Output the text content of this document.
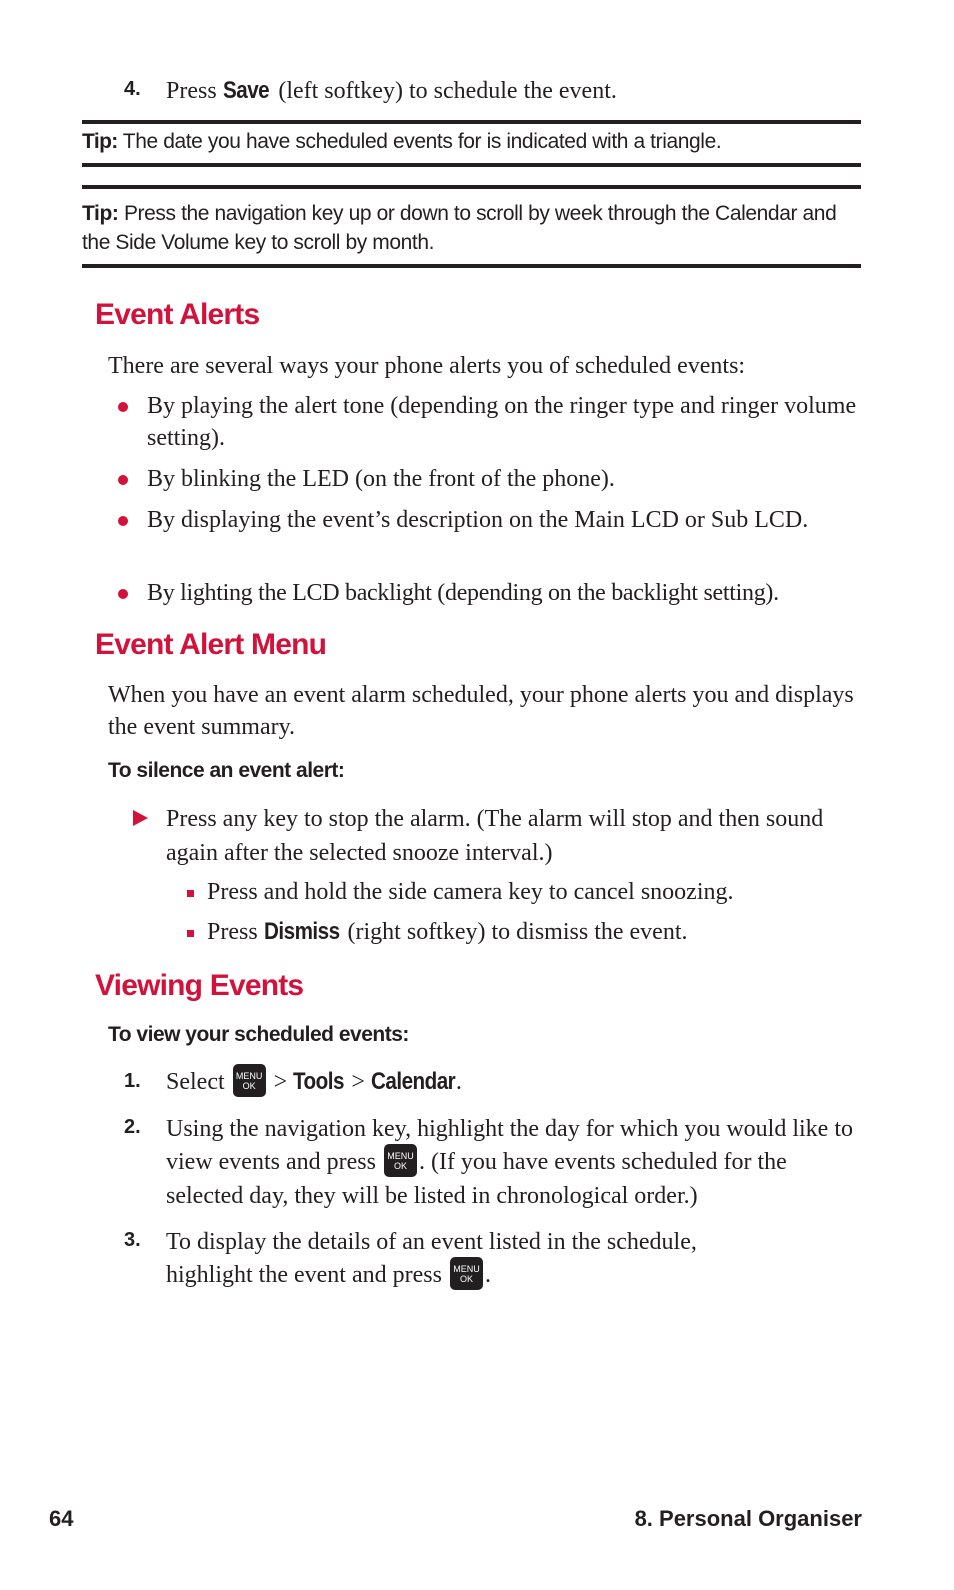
4. Press Save (left softkey) to schedule the event.
Tip: The date you have scheduled events for is indicated with a triangle.
Tip: Press the navigation key up or down to scroll by week through the Calendar and the Side Volume key to scroll by month.
Event Alerts
There are several ways your phone alerts you of scheduled events:
By playing the alert tone (depending on the ringer type and ringer volume setting).
By blinking the LED (on the front of the phone).
By displaying the event’s description on the Main LCD or Sub LCD.
By lighting the LCD backlight (depending on the backlight setting).
Event Alert Menu
When you have an event alarm scheduled, your phone alerts you and displays the event summary.
To silence an event alert:
Press any key to stop the alarm. (The alarm will stop and then sound again after the selected snooze interval.)
Press and hold the side camera key to cancel snoozing.
Press Dismiss (right softkey) to dismiss the event.
Viewing Events
To view your scheduled events:
1. Select MENU
OK > Tools > Calendar.
2. Using the navigation key, highlight the day for which you would like to view events and press MENU
OK . (If you have events scheduled for the selected day, they will be listed in chronological order.)
3. To display the details of an event listed in the schedule, highlight the event and press MENU
OK .
64	8. Personal Organiser
